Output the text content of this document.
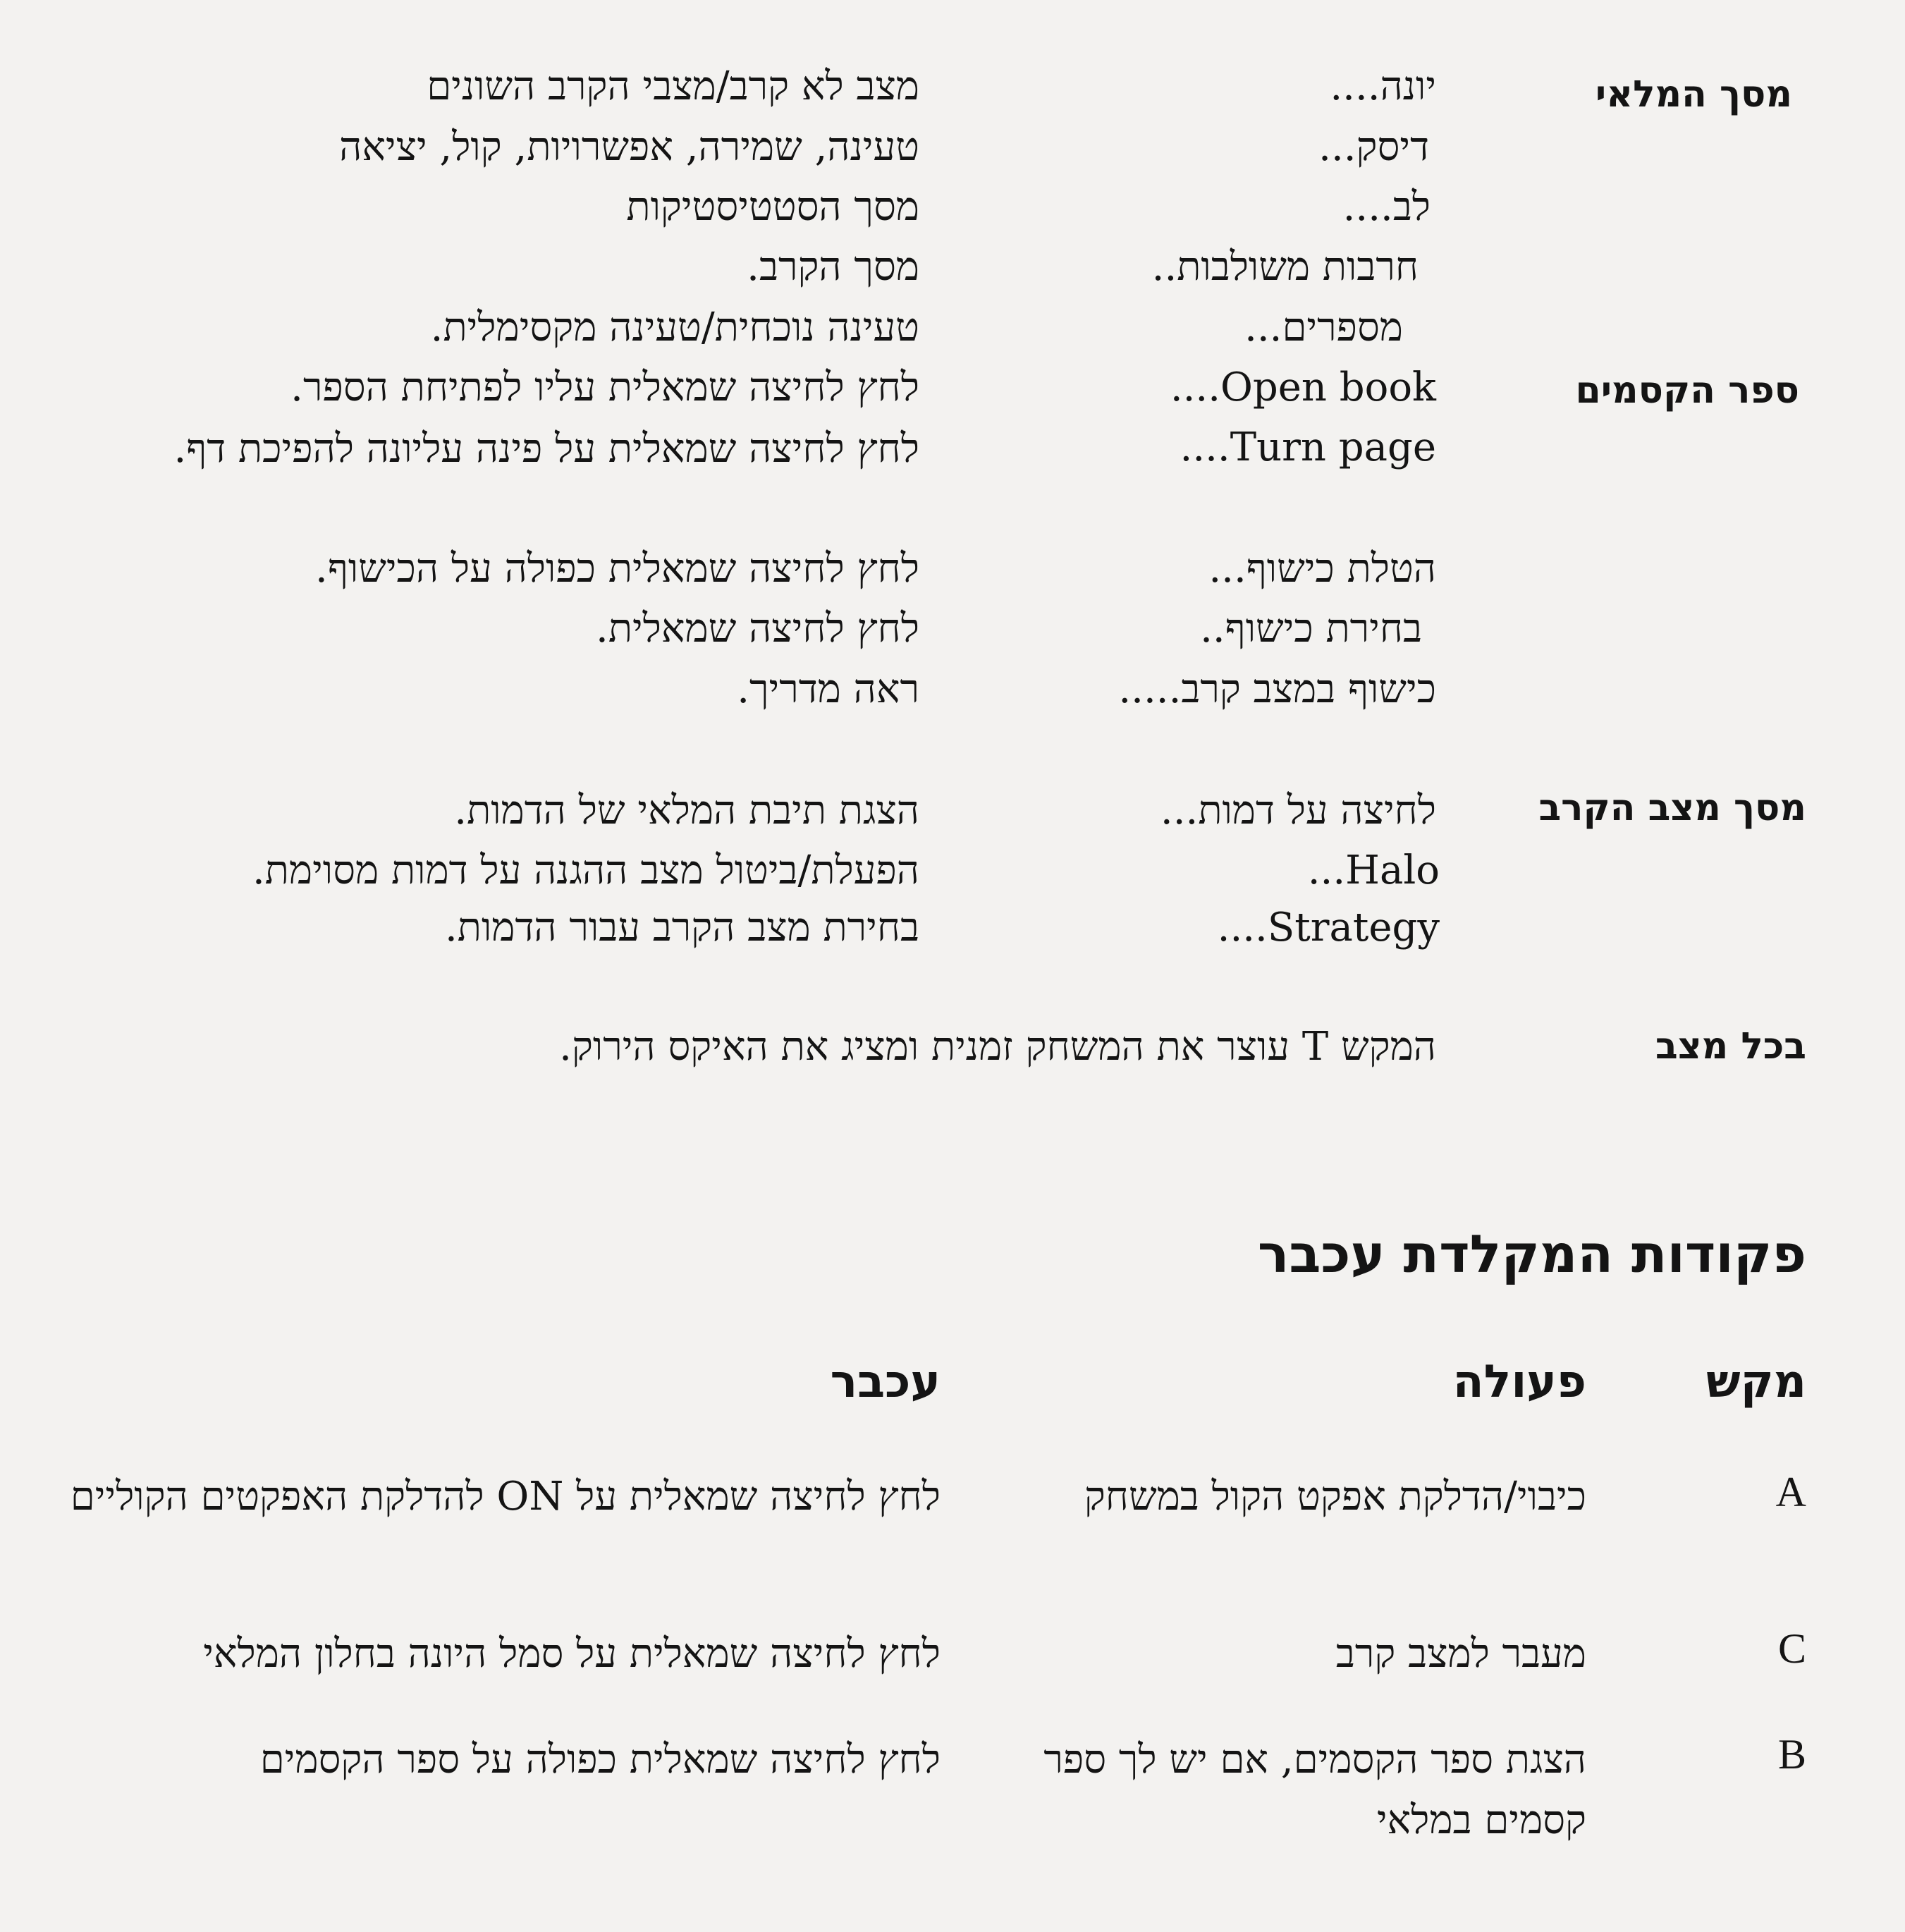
מסך המלאי
יונה....
מצב לא קרב/מצבי הקרב השונים
דיסק...
טעינה, שמירה, אפשרויות, קול, יציאה
לב....
מסך הסטטיסטיקות
חרבות משולבות..
מסך הקרב.
מספרים...
טעינה נוכחית/טעינה מקסימלית.
ספר הקסמים
Open book....
לחץ לחיצה שמאלית עליו לפתיחת הספר.
Turn page....
לחץ לחיצה שמאלית על פינה עליונה להפיכת דף.
הטלת כישוף...
לחץ לחיצה שמאלית כפולה על הכישוף.
בחירת כישוף..
לחץ לחיצה שמאלית.
כישוף במצב קרב.....
ראה מדריך.
מסך מצב הקרב
לחיצה על דמות...
הצגת תיבת המלאי של הדמות.
Halo...
הפעלת/ביטול מצב ההגנה על דמות מסוימת.
Strategy....
בחירת מצב הקרב עבור הדמות.
בכל מצב
המקש T עוצר את המשחק זמנית ומציג את האיקס הירוק.
פקודות המקלדת עכבר
מקש
פעולה
עכבר
A
כיבוי/הדלקת אפקט הקול במשחק
לחץ לחיצה שמאלית על ON להדלקת האפקטים הקוליים
C
מעבר למצב קרב
לחץ לחיצה שמאלית על סמל היונה בחלון המלאי
B
הצגת ספר הקסמים, אם יש לך ספר קסמים במלאי
לחץ לחיצה שמאלית כפולה על ספר הקסמים
